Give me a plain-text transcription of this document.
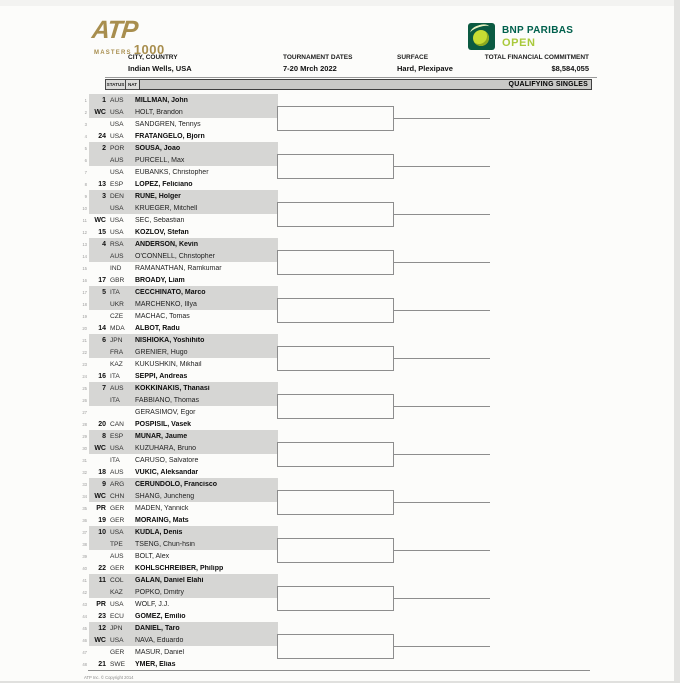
ATP
MASTERS 1000
BNP PARIBAS
OPEN
CITY, COUNTRY
Indian Wells, USA
TOURNAMENT DATES
7-20 Mrch 2022
SURFACE
Hard, Plexipave
TOTAL FINANCIAL COMMITMENT
$8,584,055
STATUS NAT	QUALIFYING SINGLES
1	1 AUS	MILLMAN, John
2	WC USA	HOLT, Brandon
3	USA	SANDGREN, Tennys
4	24 USA	FRATANGELO, Bjorn
5	2 POR	SOUSA, Joao
6	AUS	PURCELL, Max
7	USA	EUBANKS, Christopher
8	13 ESP	LOPEZ, Feliciano
9	3 DEN	RUNE, Holger
10	USA	KRUEGER, Mitchell
11	WC USA	SEC, Sebastian
12	15 USA	KOZLOV, Stefan
13	4 RSA	ANDERSON, Kevin
14	AUS	O'CONNELL, Christopher
15	IND	RAMANATHAN, Ramkumar
16	17 GBR	BROADY, Liam
17	5 ITA	CECCHINATO, Marco
18	UKR	MARCHENKO, Illya
19	CZE	MACHAC, Tomas
20	14 MDA	ALBOT, Radu
21	6 JPN	NISHIOKA, Yoshihito
22	FRA	GRENIER, Hugo
23	KAZ	KUKUSHKIN, Mikhail
24	16 ITA	SEPPI, Andreas
25	7 AUS	KOKKINAKIS, Thanasi
26	ITA	FABBIANO, Thomas
27	GERASIMOV, Egor
28	20 CAN	POSPISIL, Vasek
29	8 ESP	MUNAR, Jaume
30	WC USA	KUZUHARA, Bruno
31	ITA	CARUSO, Salvatore
32	18 AUS	VUKIC, Aleksandar
33	9 ARG	CERUNDOLO, Francisco
34	WC CHN	SHANG, Juncheng
35	PR GER	MADEN, Yannick
36	19 GER	MORAING, Mats
37	10 USA	KUDLA, Denis
38	TPE	TSENG, Chun-hsin
39	AUS	BOLT, Alex
40	22 GER	KOHLSCHREIBER, Philipp
41	11 COL	GALAN, Daniel Elahi
42	KAZ	POPKO, Dmitry
43	PR USA	WOLF, J.J.
44	23 ECU	GOMEZ, Emilio
45	12 JPN	DANIEL, Taro
46	WC USA	NAVA, Eduardo
47	GER	MASUR, Daniel
48	21 SWE	YMER, Elias
ATP Inc. © Copyright 2014
